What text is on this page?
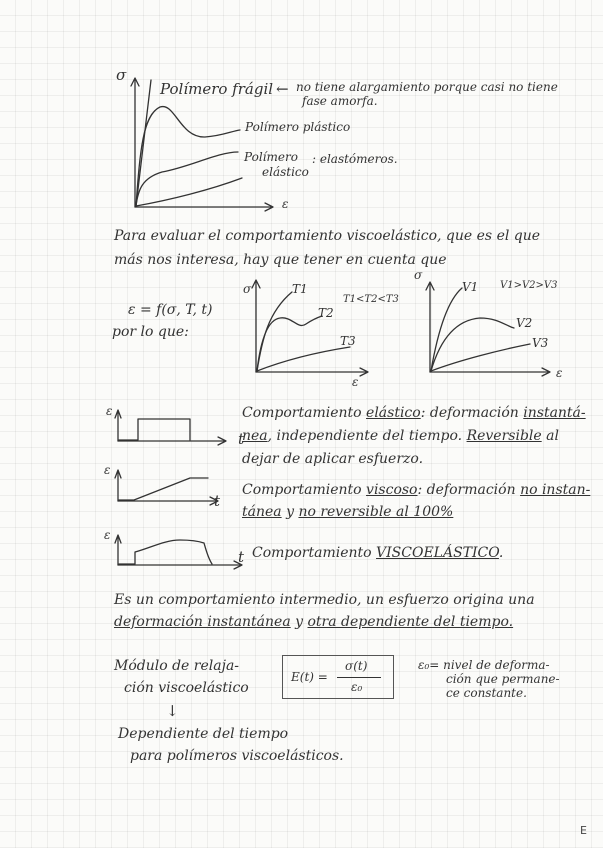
σ
ε
Polímero frágil ← no tiene alargamiento porque casi no tiene
fase amorfa.
Polímero plástico
Polímero
elástico
: elastómeros.
Para evaluar el comportamiento viscoelástico, que es el que
más nos interesa, hay que tener en cuenta que
ε = f(σ, T, t)
por lo que:
σ
ε
T1
T2
T3
T1<T2<T3
σ
ε
V1
V2
V3
V1>V2>V3
ε
t
Comportamiento elástico: deformación instantá-
nea, independiente del tiempo. Reversible al
dejar de aplicar esfuerzo.
ε
t
Comportamiento viscoso: deformación no instan-
tánea y no reversible al 100%
ε
t Comportamiento VISCOELÁSTICO.
Es un comportamiento intermedio, un esfuerzo origina una
deformación instantánea y otra dependiente del tiempo.
Módulo de relaja-
ción viscoelástico
↓
E(t) =
σ(t)
ε₀
ε₀= nivel de deforma-
ción que permane-
ce constante.
Dependiente del tiempo
para polímeros viscoelásticos.
E
